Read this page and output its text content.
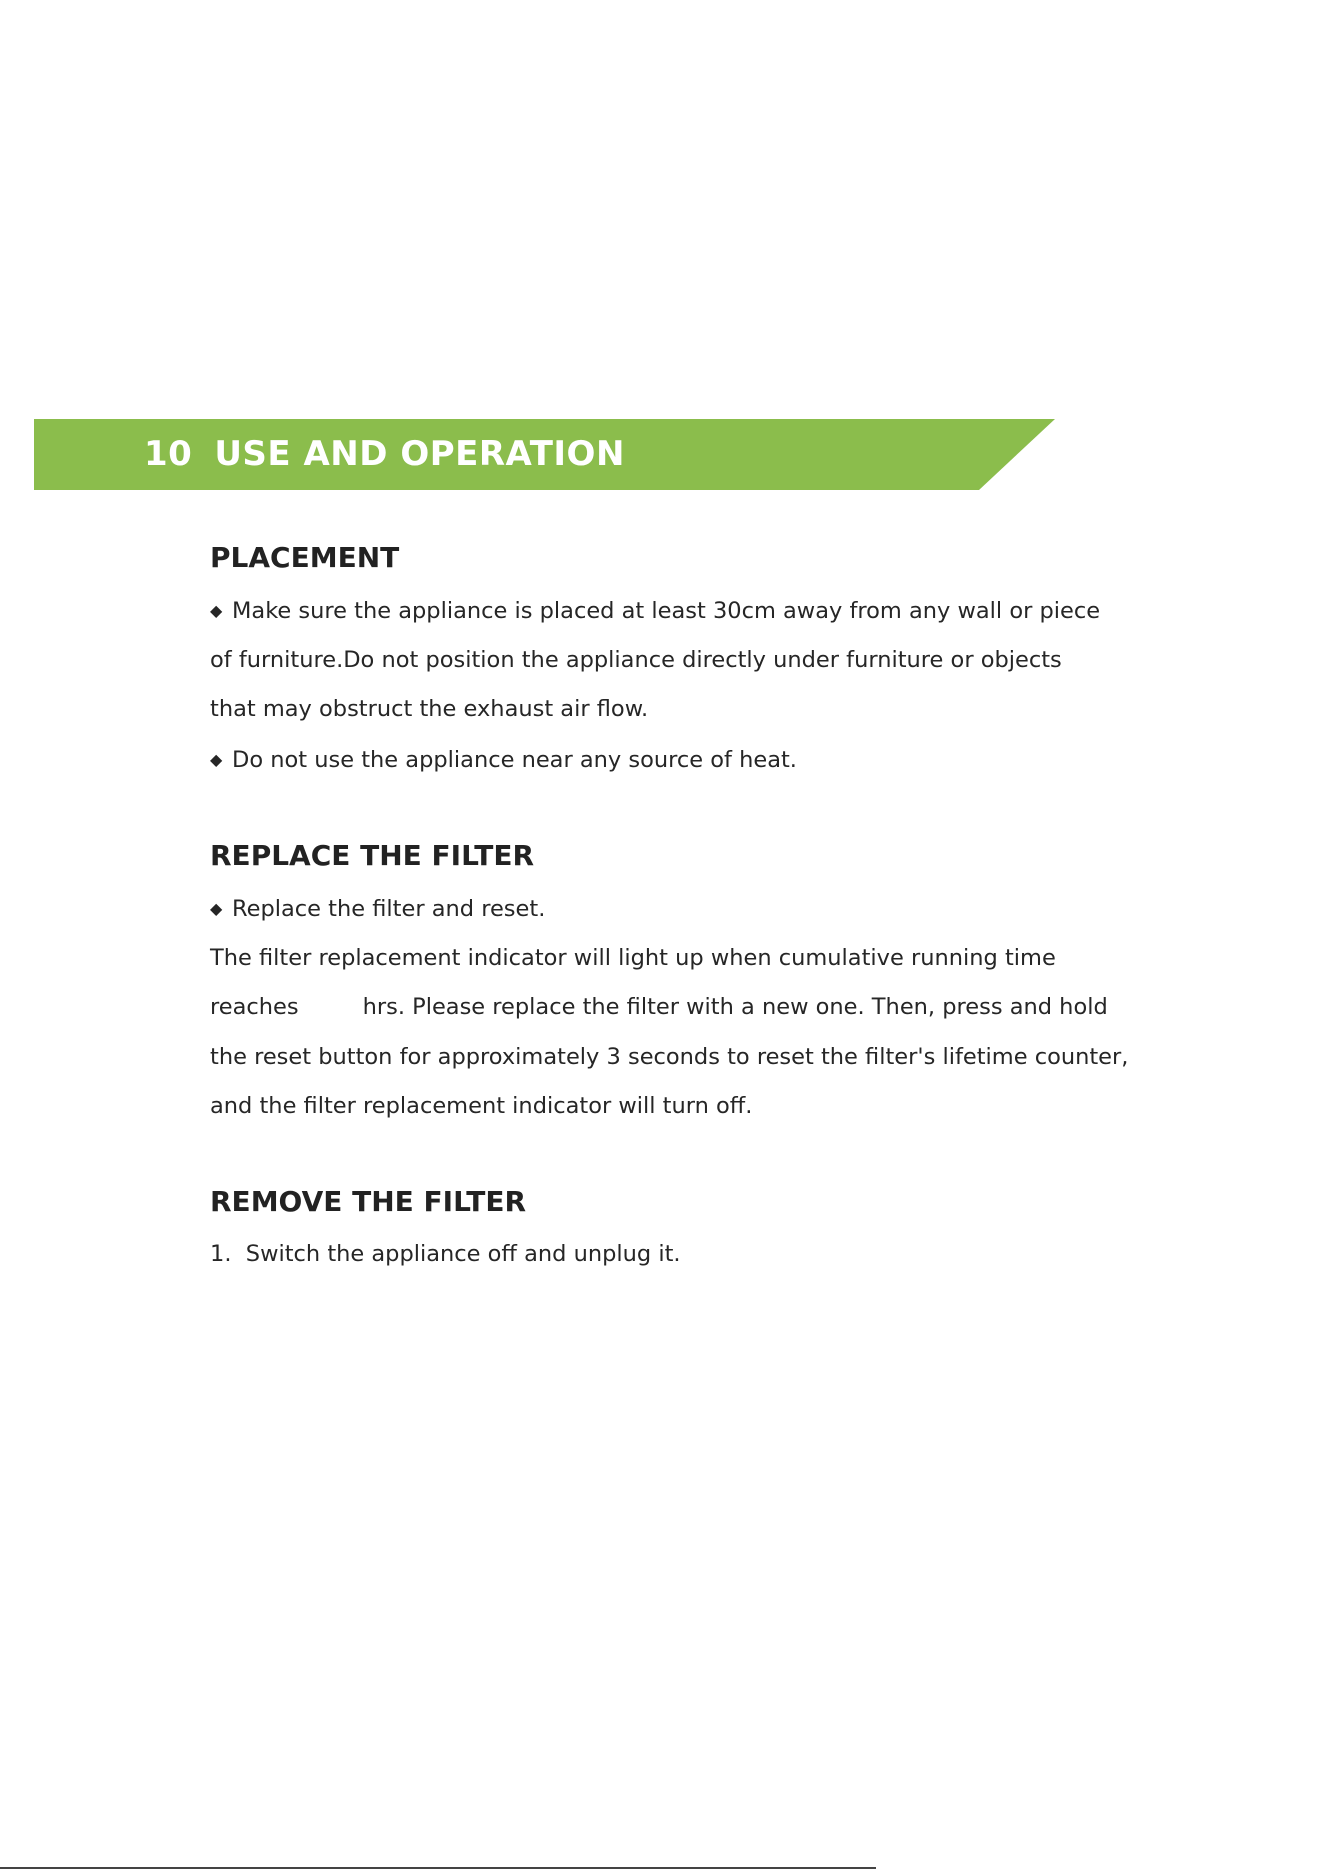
10 USE AND OPERATION
PLACEMENT
◆ Make sure the appliance is placed at least 30cm away from any wall or piece
of furniture.Do not position the appliance directly under furniture or objects
that may obstruct the exhaust air flow.
◆ Do not use the appliance near any source of heat.
REPLACE THE FILTER
◆ Replace the filter and reset.
The filter replacement indicator will light up when cumulative running time
reaches	hrs. Please replace the filter with a new one. Then, press and hold
the reset button for approximately 3 seconds to reset the filter's lifetime counter,
and the filter replacement indicator will turn off.
REMOVE THE FILTER
1. Switch the appliance off and unplug it.
